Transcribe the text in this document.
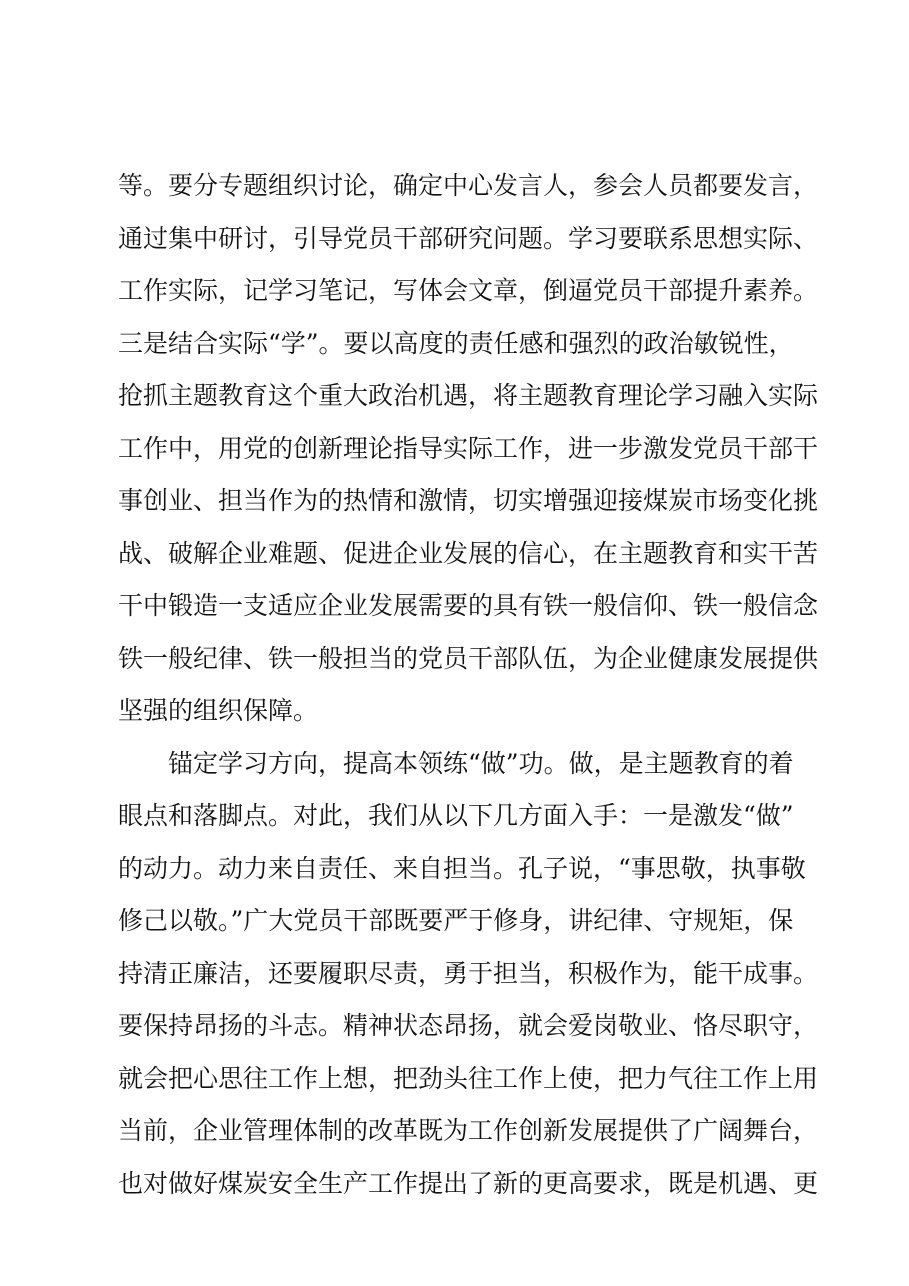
等。要分专题组织讨论，确定中心发言人，参会人员都要发言，
通过集中研讨，引导党员干部研究问题。学习要联系思想实际、
工作实际，记学习笔记，写体会文章，倒逼党员干部提升素养。
三是结合实际“学”。要以高度的责任感和强烈的政治敏锐性，
抢抓主题教育这个重大政治机遇，将主题教育理论学习融入实际
工作中，用党的创新理论指导实际工作，进一步激发党员干部干
事创业、担当作为的热情和激情，切实增强迎接煤炭市场变化挑
战、破解企业难题、促进企业发展的信心，在主题教育和实干苦
干中锻造一支适应企业发展需要的具有铁一般信仰、铁一般信念
铁一般纪律、铁一般担当的党员干部队伍，为企业健康发展提供
坚强的组织保障。
锚定学习方向，提高本领练“做”功。做，是主题教育的着
眼点和落脚点。对此，我们从以下几方面入手：一是激发“做”
的动力。动力来自责任、来自担当。孔子说，“事思敬，执事敬
修己以敬。”广大党员干部既要严于修身，讲纪律、守规矩，保
持清正廉洁，还要履职尽责，勇于担当，积极作为，能干成事。
要保持昂扬的斗志。精神状态昂扬，就会爱岗敬业、恪尽职守，
就会把心思往工作上想，把劲头往工作上使，把力气往工作上用
当前，企业管理体制的改革既为工作创新发展提供了广阔舞台，
也对做好煤炭安全生产工作提出了新的更高要求，既是机遇、更
